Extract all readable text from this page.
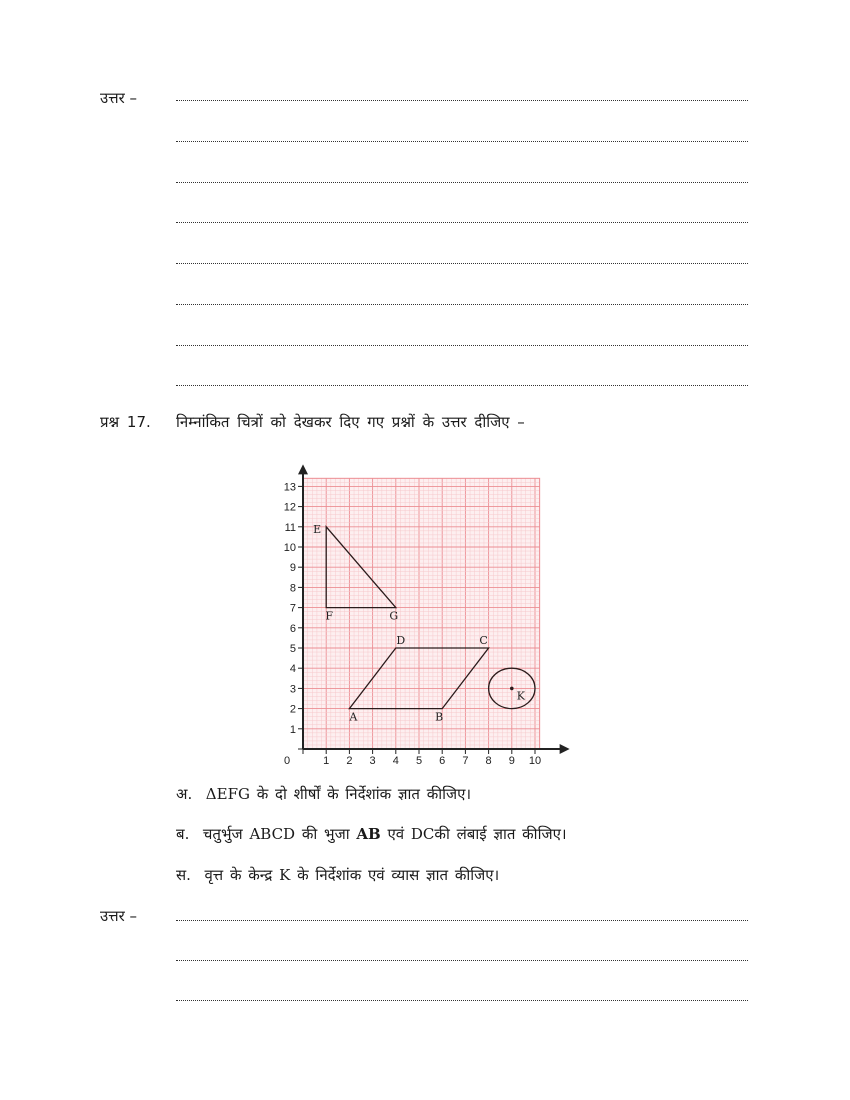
उत्तर –
प्रश्न 17. निम्नांकित चित्रों को देखकर दिए गए प्रश्नों के उत्तर दीजिए –
0	1 2 3 4 5 6 7 8 9 10
1
2
3
4
5
6
7
8
9
10
11
12
13
E
F	G
A	B
C
D
K
अ. ΔEFG के दो शीर्षों के निर्देशांक ज्ञात कीजिए।
ब. चतुर्भुज ABCD की भुजा AB एवं DCकी लंबाई ज्ञात कीजिए।
स. वृत्त के केन्द्र K के निर्देशांक एवं व्यास ज्ञात कीजिए।
उत्तर –
